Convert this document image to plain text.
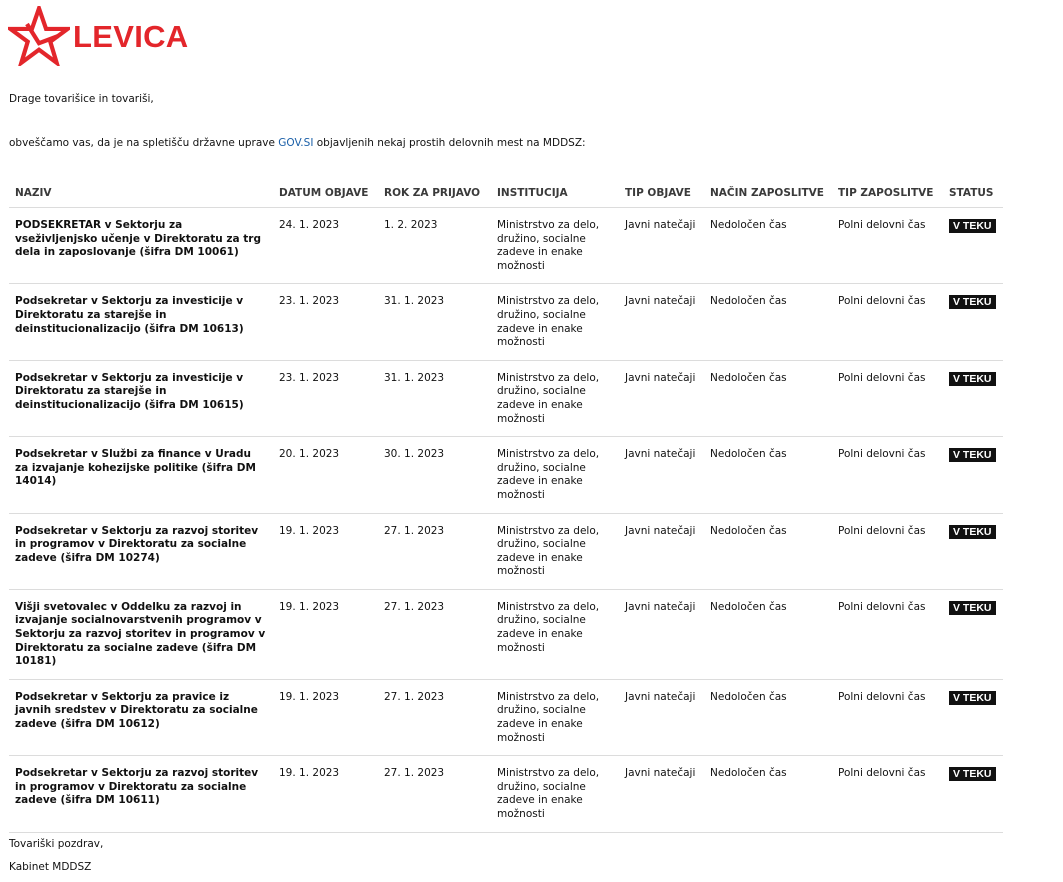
LEVICA
Drage tovarišice in tovariši,
obveščamo vas, da je na spletišču državne uprave GOV.SI objavljenih nekaj prostih delovnih mest na MDDSZ:
NAZIV	DATUM OBJAVE	ROK ZA PRIJAVO	INSTITUCIJA	TIP OBJAVE	NAČIN ZAPOSLITVE	TIP ZAPOSLITVE	STATUS
PODSEKRETAR v Sektorju za vseživljenjsko učenje v Direktoratu za trg dela in zaposlovanje (šifra DM 10061)	24. 1. 2023	1. 2. 2023	Ministrstvo za delo, družino, socialne zadeve in enake možnosti	Javni natečaji	Nedoločen čas	Polni delovni čas	V TEKU
Podsekretar v Sektorju za investicije v Direktoratu za starejše in deinstitucionalizacijo (šifra DM 10613)	23. 1. 2023	31. 1. 2023	Ministrstvo za delo, družino, socialne zadeve in enake možnosti	Javni natečaji	Nedoločen čas	Polni delovni čas	V TEKU
Podsekretar v Sektorju za investicije v Direktoratu za starejše in deinstitucionalizacijo (šifra DM 10615)	23. 1. 2023	31. 1. 2023	Ministrstvo za delo, družino, socialne zadeve in enake možnosti	Javni natečaji	Nedoločen čas	Polni delovni čas	V TEKU
Podsekretar v Službi za finance v Uradu za izvajanje kohezijske politike (šifra DM 14014)	20. 1. 2023	30. 1. 2023	Ministrstvo za delo, družino, socialne zadeve in enake možnosti	Javni natečaji	Nedoločen čas	Polni delovni čas	V TEKU
Podsekretar v Sektorju za razvoj storitev in programov v Direktoratu za socialne zadeve (šifra DM 10274)	19. 1. 2023	27. 1. 2023	Ministrstvo za delo, družino, socialne zadeve in enake možnosti	Javni natečaji	Nedoločen čas	Polni delovni čas	V TEKU
Višji svetovalec v Oddelku za razvoj in izvajanje socialnovarstvenih programov v Sektorju za razvoj storitev in programov v Direktoratu za socialne zadeve (šifra DM 10181)	19. 1. 2023	27. 1. 2023	Ministrstvo za delo, družino, socialne zadeve in enake možnosti	Javni natečaji	Nedoločen čas	Polni delovni čas	V TEKU
Podsekretar v Sektorju za pravice iz javnih sredstev v Direktoratu za socialne zadeve (šifra DM 10612)	19. 1. 2023	27. 1. 2023	Ministrstvo za delo, družino, socialne zadeve in enake možnosti	Javni natečaji	Nedoločen čas	Polni delovni čas	V TEKU
Podsekretar v Sektorju za razvoj storitev in programov v Direktoratu za socialne zadeve (šifra DM 10611)	19. 1. 2023	27. 1. 2023	Ministrstvo za delo, družino, socialne zadeve in enake možnosti	Javni natečaji	Nedoločen čas	Polni delovni čas	V TEKU
Tovariški pozdrav,
Kabinet MDDSZ
